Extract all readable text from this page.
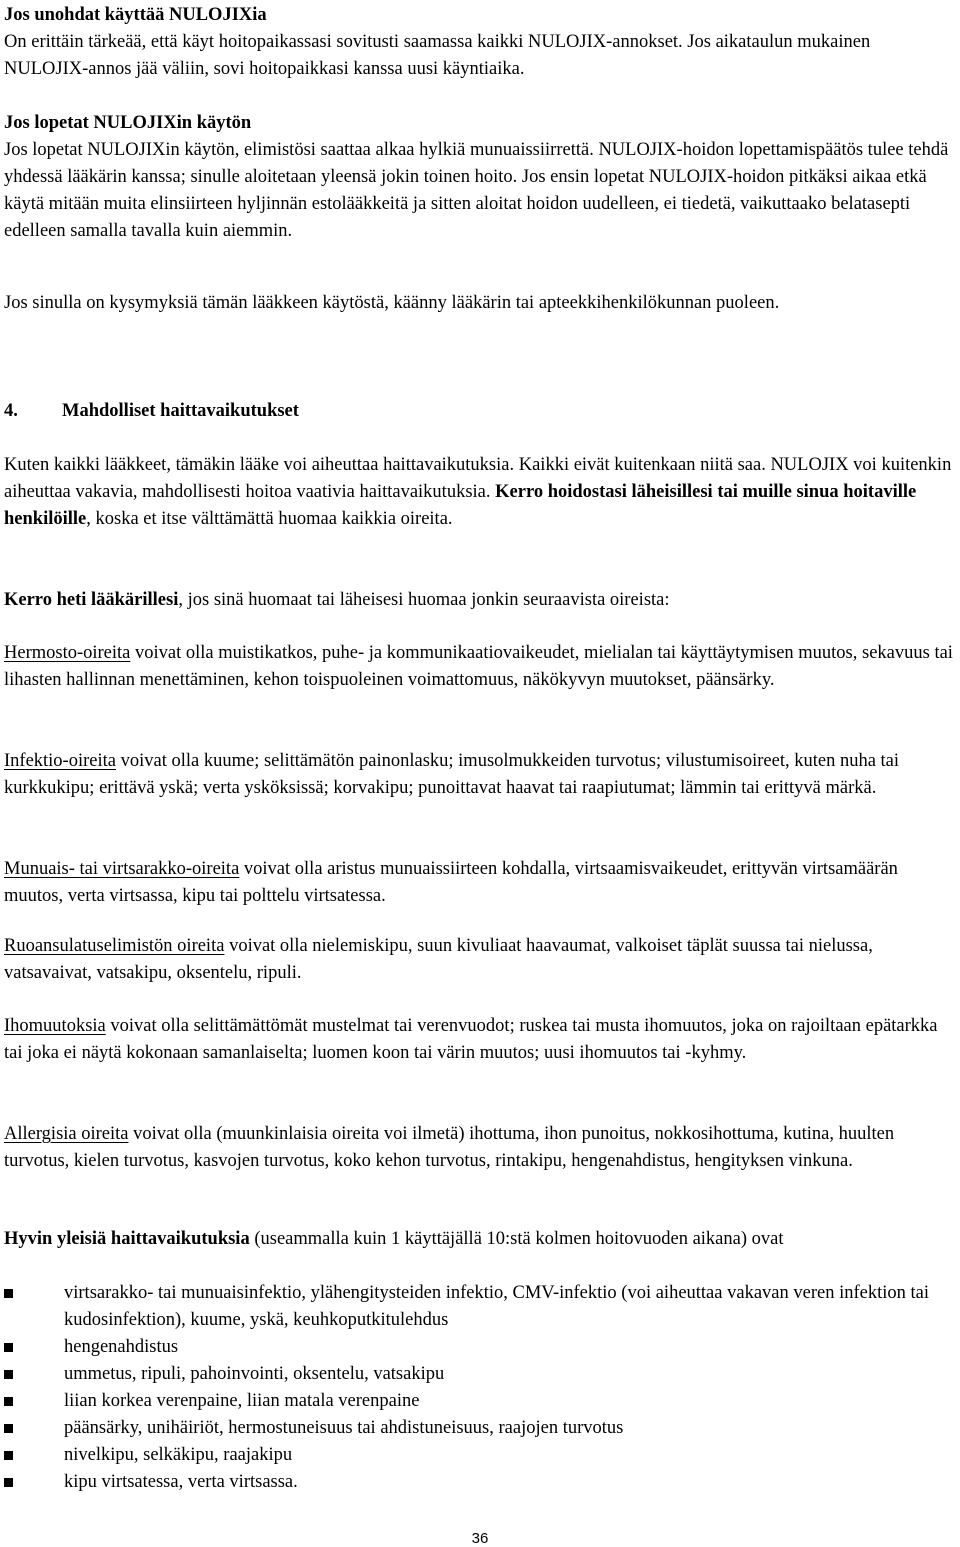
Jos unohdat käyttää NULOJIXia
On erittäin tärkeää, että käyt hoitopaikassasi sovitusti saamassa kaikki NULOJIX-annokset. Jos aikataulun mukainen NULOJIX-annos jää väliin, sovi hoitopaikkasi kanssa uusi käyntiaika.

Jos lopetat NULOJIXin käytön
Jos lopetat NULOJIXin käytön, elimistösi saattaa alkaa hylkiä munuaissiirrettä. NULOJIX-hoidon lopettamispäätös tulee tehdä yhdessä lääkärin kanssa; sinulle aloitetaan yleensä jokin toinen hoito. Jos ensin lopetat NULOJIX-hoidon pitkäksi aikaa etkä käytä mitään muita elinsiirteen hyljinnän estolääkkeitä ja sitten aloitat hoidon uudelleen, ei tiedetä, vaikuttaako belatasepti edelleen samalla tavalla kuin aiemmin.

Jos sinulla on kysymyksiä tämän lääkkeen käytöstä, käänny lääkärin tai apteekkihenkilökunnan puoleen.

4. Mahdolliset haittavaikutukset

Kuten kaikki lääkkeet, tämäkin lääke voi aiheuttaa haittavaikutuksia. Kaikki eivät kuitenkaan niitä saa. NULOJIX voi kuitenkin aiheuttaa vakavia, mahdollisesti hoitoa vaativia haittavaikutuksia. Kerro hoidostasi läheisillesi tai muille sinua hoitaville henkilöille, koska et itse välttämättä huomaa kaikkia oireita.

Kerro heti lääkärillesi, jos sinä huomaat tai läheisesi huomaa jonkin seuraavista oireista:

Hermosto-oireita voivat olla muistikatkos, puhe- ja kommunikaatiovaikeudet, mielialan tai käyttäytymisen muutos, sekavuus tai lihasten hallinnan menettäminen, kehon toispuoleinen voimattomuus, näkökyvyn muutokset, päänsärky.

Infektio-oireita voivat olla kuume; selittämätön painonlasku; imusolmukkeiden turvotus; vilustumisoireet, kuten nuha tai kurkkukipu; erittävä yskä; verta ysköksissä; korvakipu; punoittavat haavat tai raapiutumat; lämmin tai erittyvä märkä.

Munuais- tai virtsarakko-oireita voivat olla aristus munuaissiirteen kohdalla, virtsaamisvaikeudet, erittyvän virtsamäärän muutos, verta virtsassa, kipu tai polttelu virtsatessa.

Ruoansulatuselimistön oireita voivat olla nielemiskipu, suun kivuliaat haavaumat, valkoiset täplät suussa tai nielussa, vatsavaivat, vatsakipu, oksentelu, ripuli.

Ihomuutoksia voivat olla selittämättömät mustelmat tai verenvuodot; ruskea tai musta ihomuutos, joka on rajoiltaan epätarkka tai joka ei näytä kokonaan samanlaiselta; luomen koon tai värin muutos; uusi ihomuutos tai -kyhmy.

Allergisia oireita voivat olla (muunkinlaisia oireita voi ilmetä) ihottuma, ihon punoitus, nokkosihottuma, kutina, huulten turvotus, kielen turvotus, kasvojen turvotus, koko kehon turvotus, rintakipu, hengenahdistus, hengityksen vinkuna.

Hyvin yleisiä haittavaikutuksia (useammalla kuin 1 käyttäjällä 10:stä kolmen hoitovuoden aikana) ovat

virtsarakko- tai munuaisinfektio, ylähengitysteiden infektio, CMV-infektio (voi aiheuttaa vakavan veren infektion tai kudosinfektion), kuume, yskä, keuhkoputkitulehdus
hengenahdistus
ummetus, ripuli, pahoinvointi, oksentelu, vatsakipu
liian korkea verenpaine, liian matala verenpaine
päänsärky, unihäiriöt, hermostuneisuus tai ahdistuneisuus, raajojen turvotus
nivelkipu, selkäkipu, raajakipu
kipu virtsatessa, verta virtsassa.
36
